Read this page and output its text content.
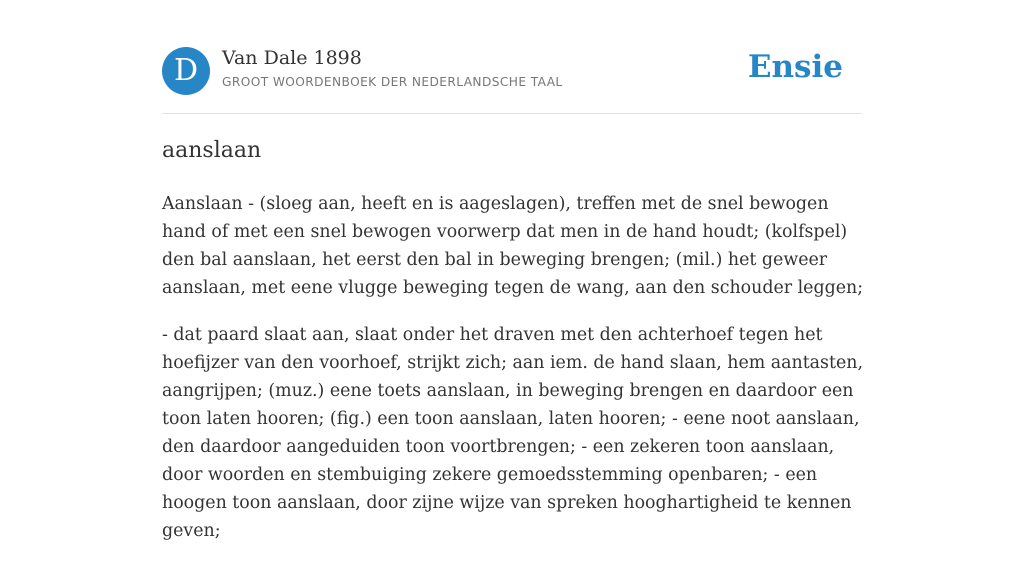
D	Van Dale 1898
GROOT WOORDENBOEK DER NEDERLANDSCHE TAAL	Ensie
aanslaan

Aanslaan - (sloeg aan, heeft en is aageslagen), treffen met de snel bewogen hand of met een snel bewogen voorwerp dat men in de hand houdt; (kolfspel) den bal aanslaan, het eerst den bal in beweging brengen; (mil.) het geweer aanslaan, met eene vlugge beweging tegen de wang, aan den schouder leggen;

- dat paard slaat aan, slaat onder het draven met den achterhoef tegen het hoefijzer van den voorhoef, strijkt zich; aan iem. de hand slaan, hem aantasten, aangrijpen; (muz.) eene toets aanslaan, in beweging brengen en daardoor een toon laten hooren; (fig.) een toon aanslaan, laten hooren; - eene noot aanslaan, den daardoor aangeduiden toon voortbrengen; - een zekeren toon aanslaan, door woorden en stembuiging zekere gemoedsstemming openbaren; - een hoogen toon aanslaan, door zijne wijze van spreken hooghartigheid te kennen geven;
